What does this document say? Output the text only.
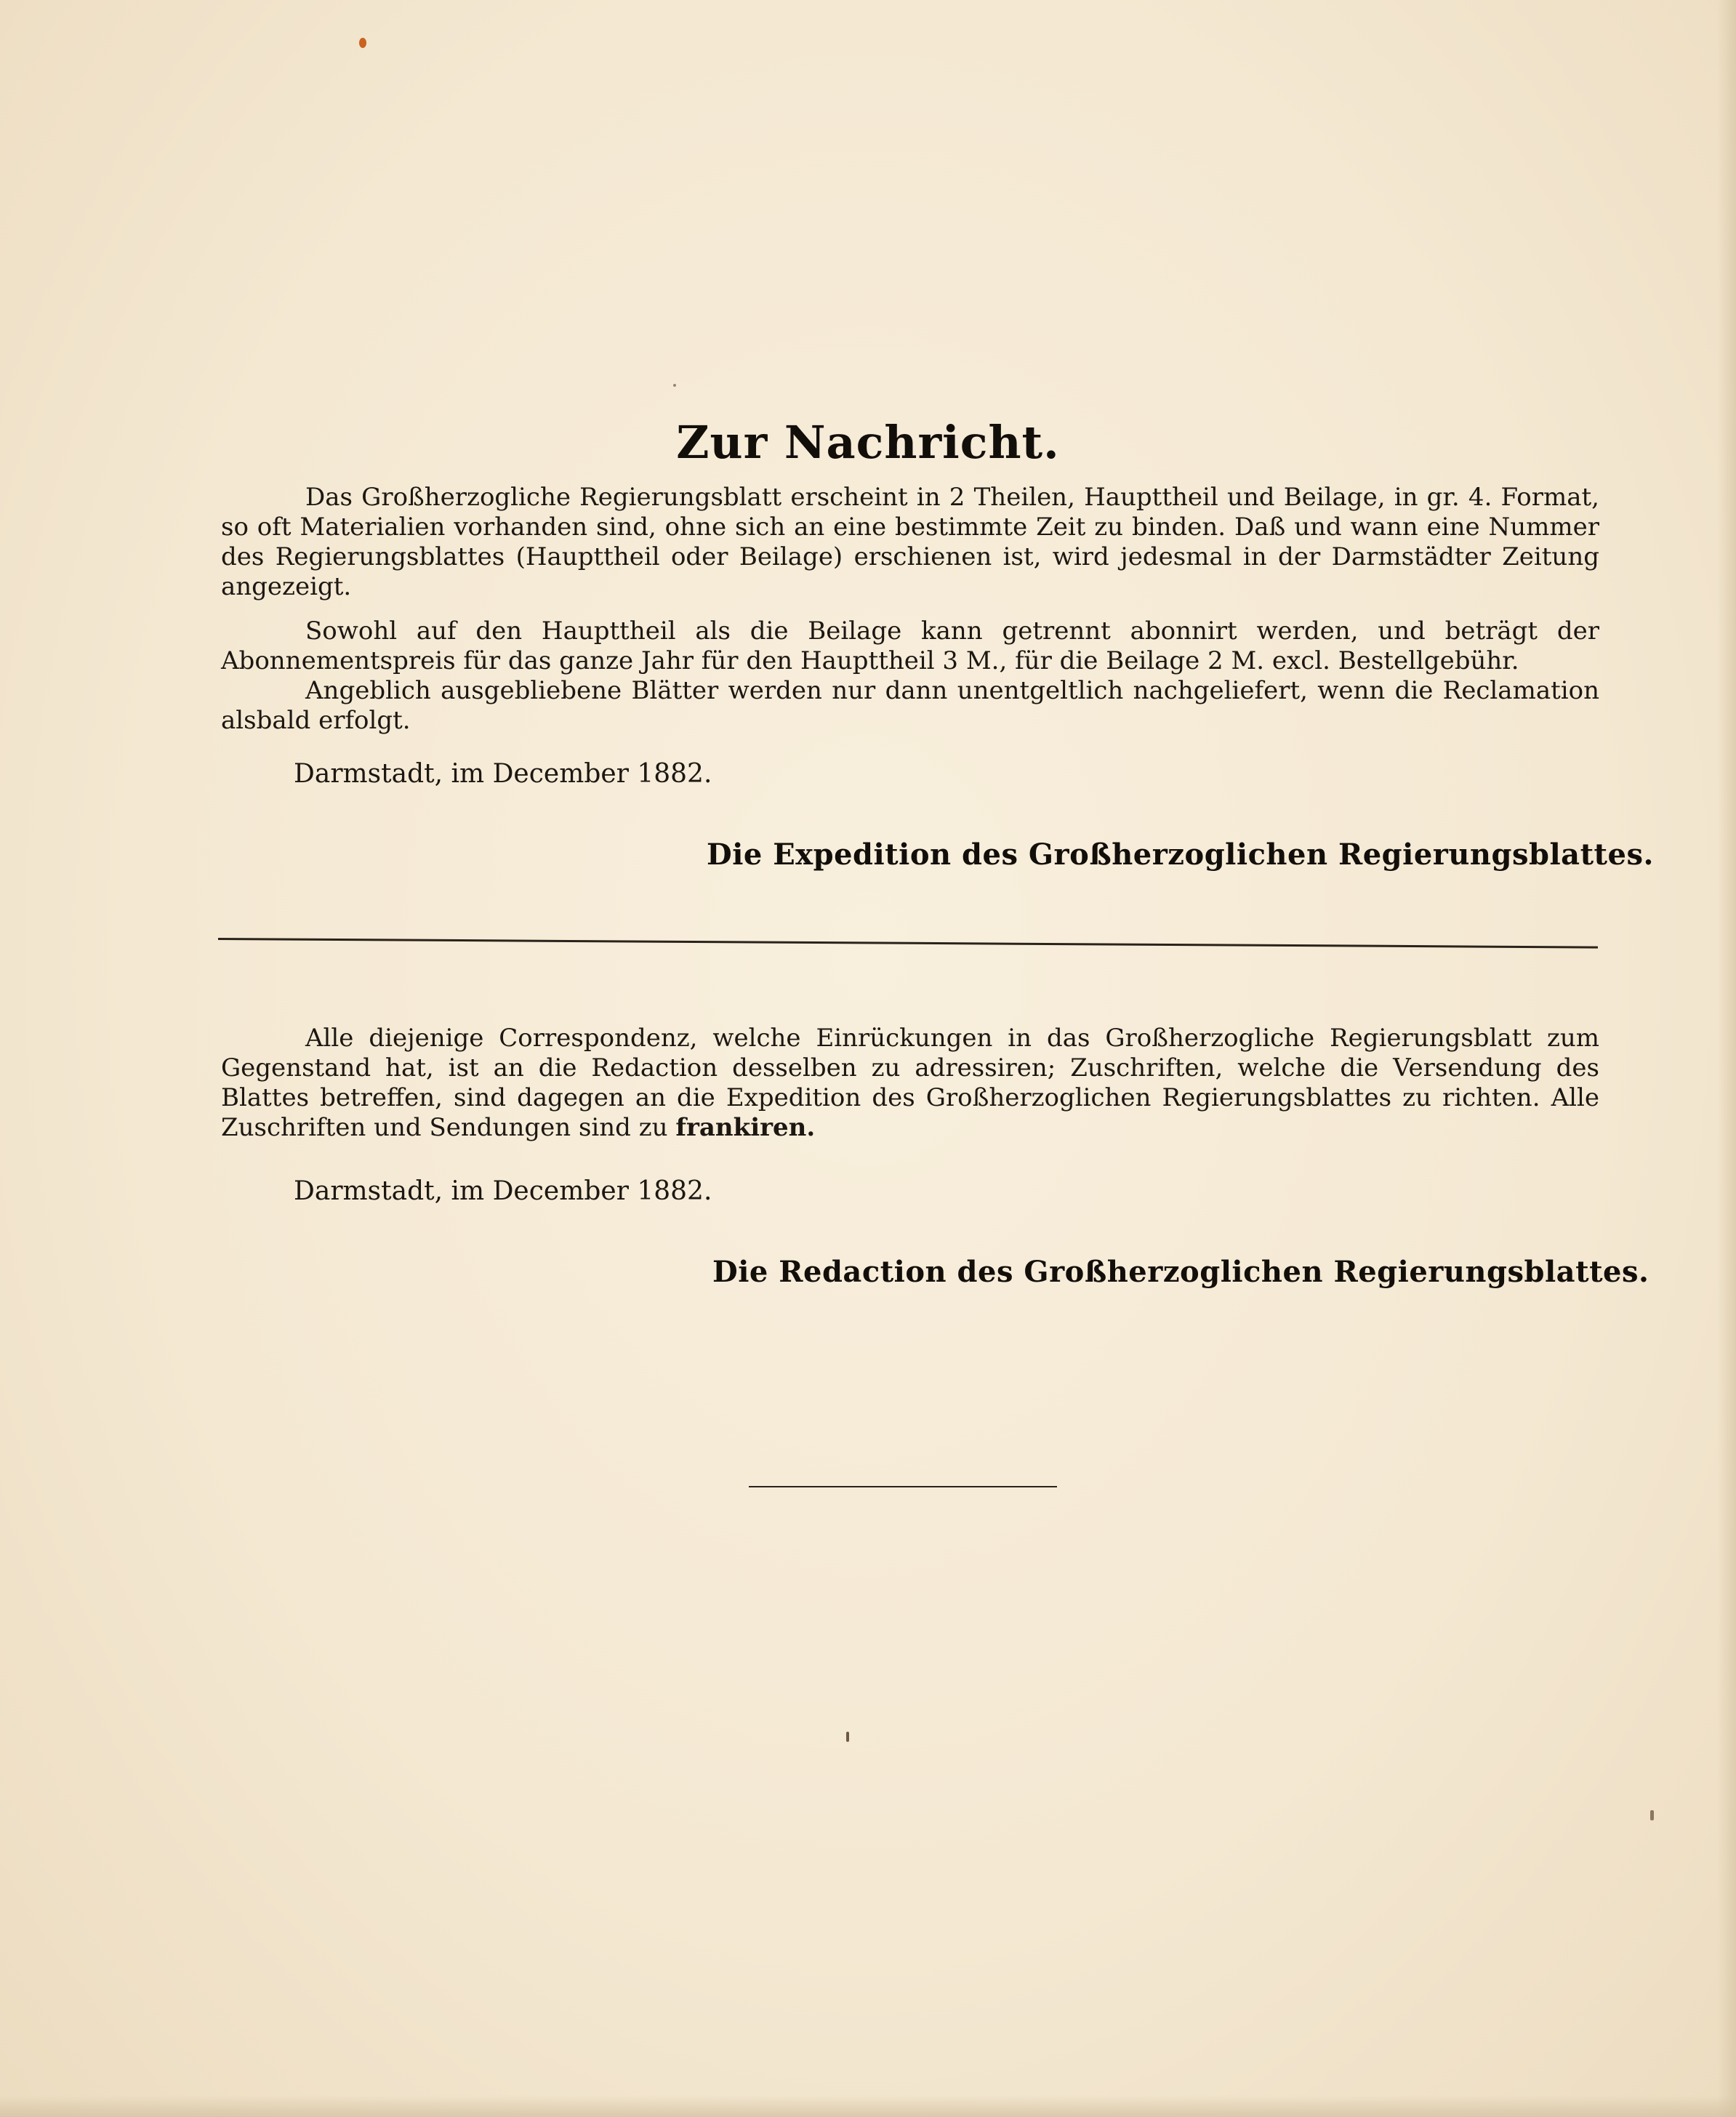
Zur Nachricht.
Das Großherzogliche Regierungsblatt erscheint in 2 Theilen, Haupttheil und Beilage, in gr. 4. Format, so oft Materialien vorhanden sind, ohne sich an eine bestimmte Zeit zu binden. Daß und wann eine Nummer des Regierungsblattes (Haupttheil oder Beilage) erschienen ist, wird jedesmal in der Darmstädter Zeitung angezeigt.
Sowohl auf den Haupttheil als die Beilage kann getrennt abonnirt werden, und beträgt der Abonnementspreis für das ganze Jahr für den Haupttheil 3 M., für die Beilage 2 M. excl. Bestellgebühr.
Angeblich ausgebliebene Blätter werden nur dann unentgeltlich nachgeliefert, wenn die Reclamation alsbald erfolgt.
Darmstadt, im December 1882.
Die Expedition des Großherzoglichen Regierungsblattes.
Alle diejenige Correspondenz, welche Einrückungen in das Großherzogliche Regierungsblatt zum Gegenstand hat, ist an die Redaction desselben zu adressiren; Zuschriften, welche die Versendung des Blattes betreffen, sind dagegen an die Expedition des Großherzoglichen Regierungsblattes zu richten. Alle Zuschriften und Sendungen sind zu frankiren.
Darmstadt, im December 1882.
Die Redaction des Großherzoglichen Regierungsblattes.
